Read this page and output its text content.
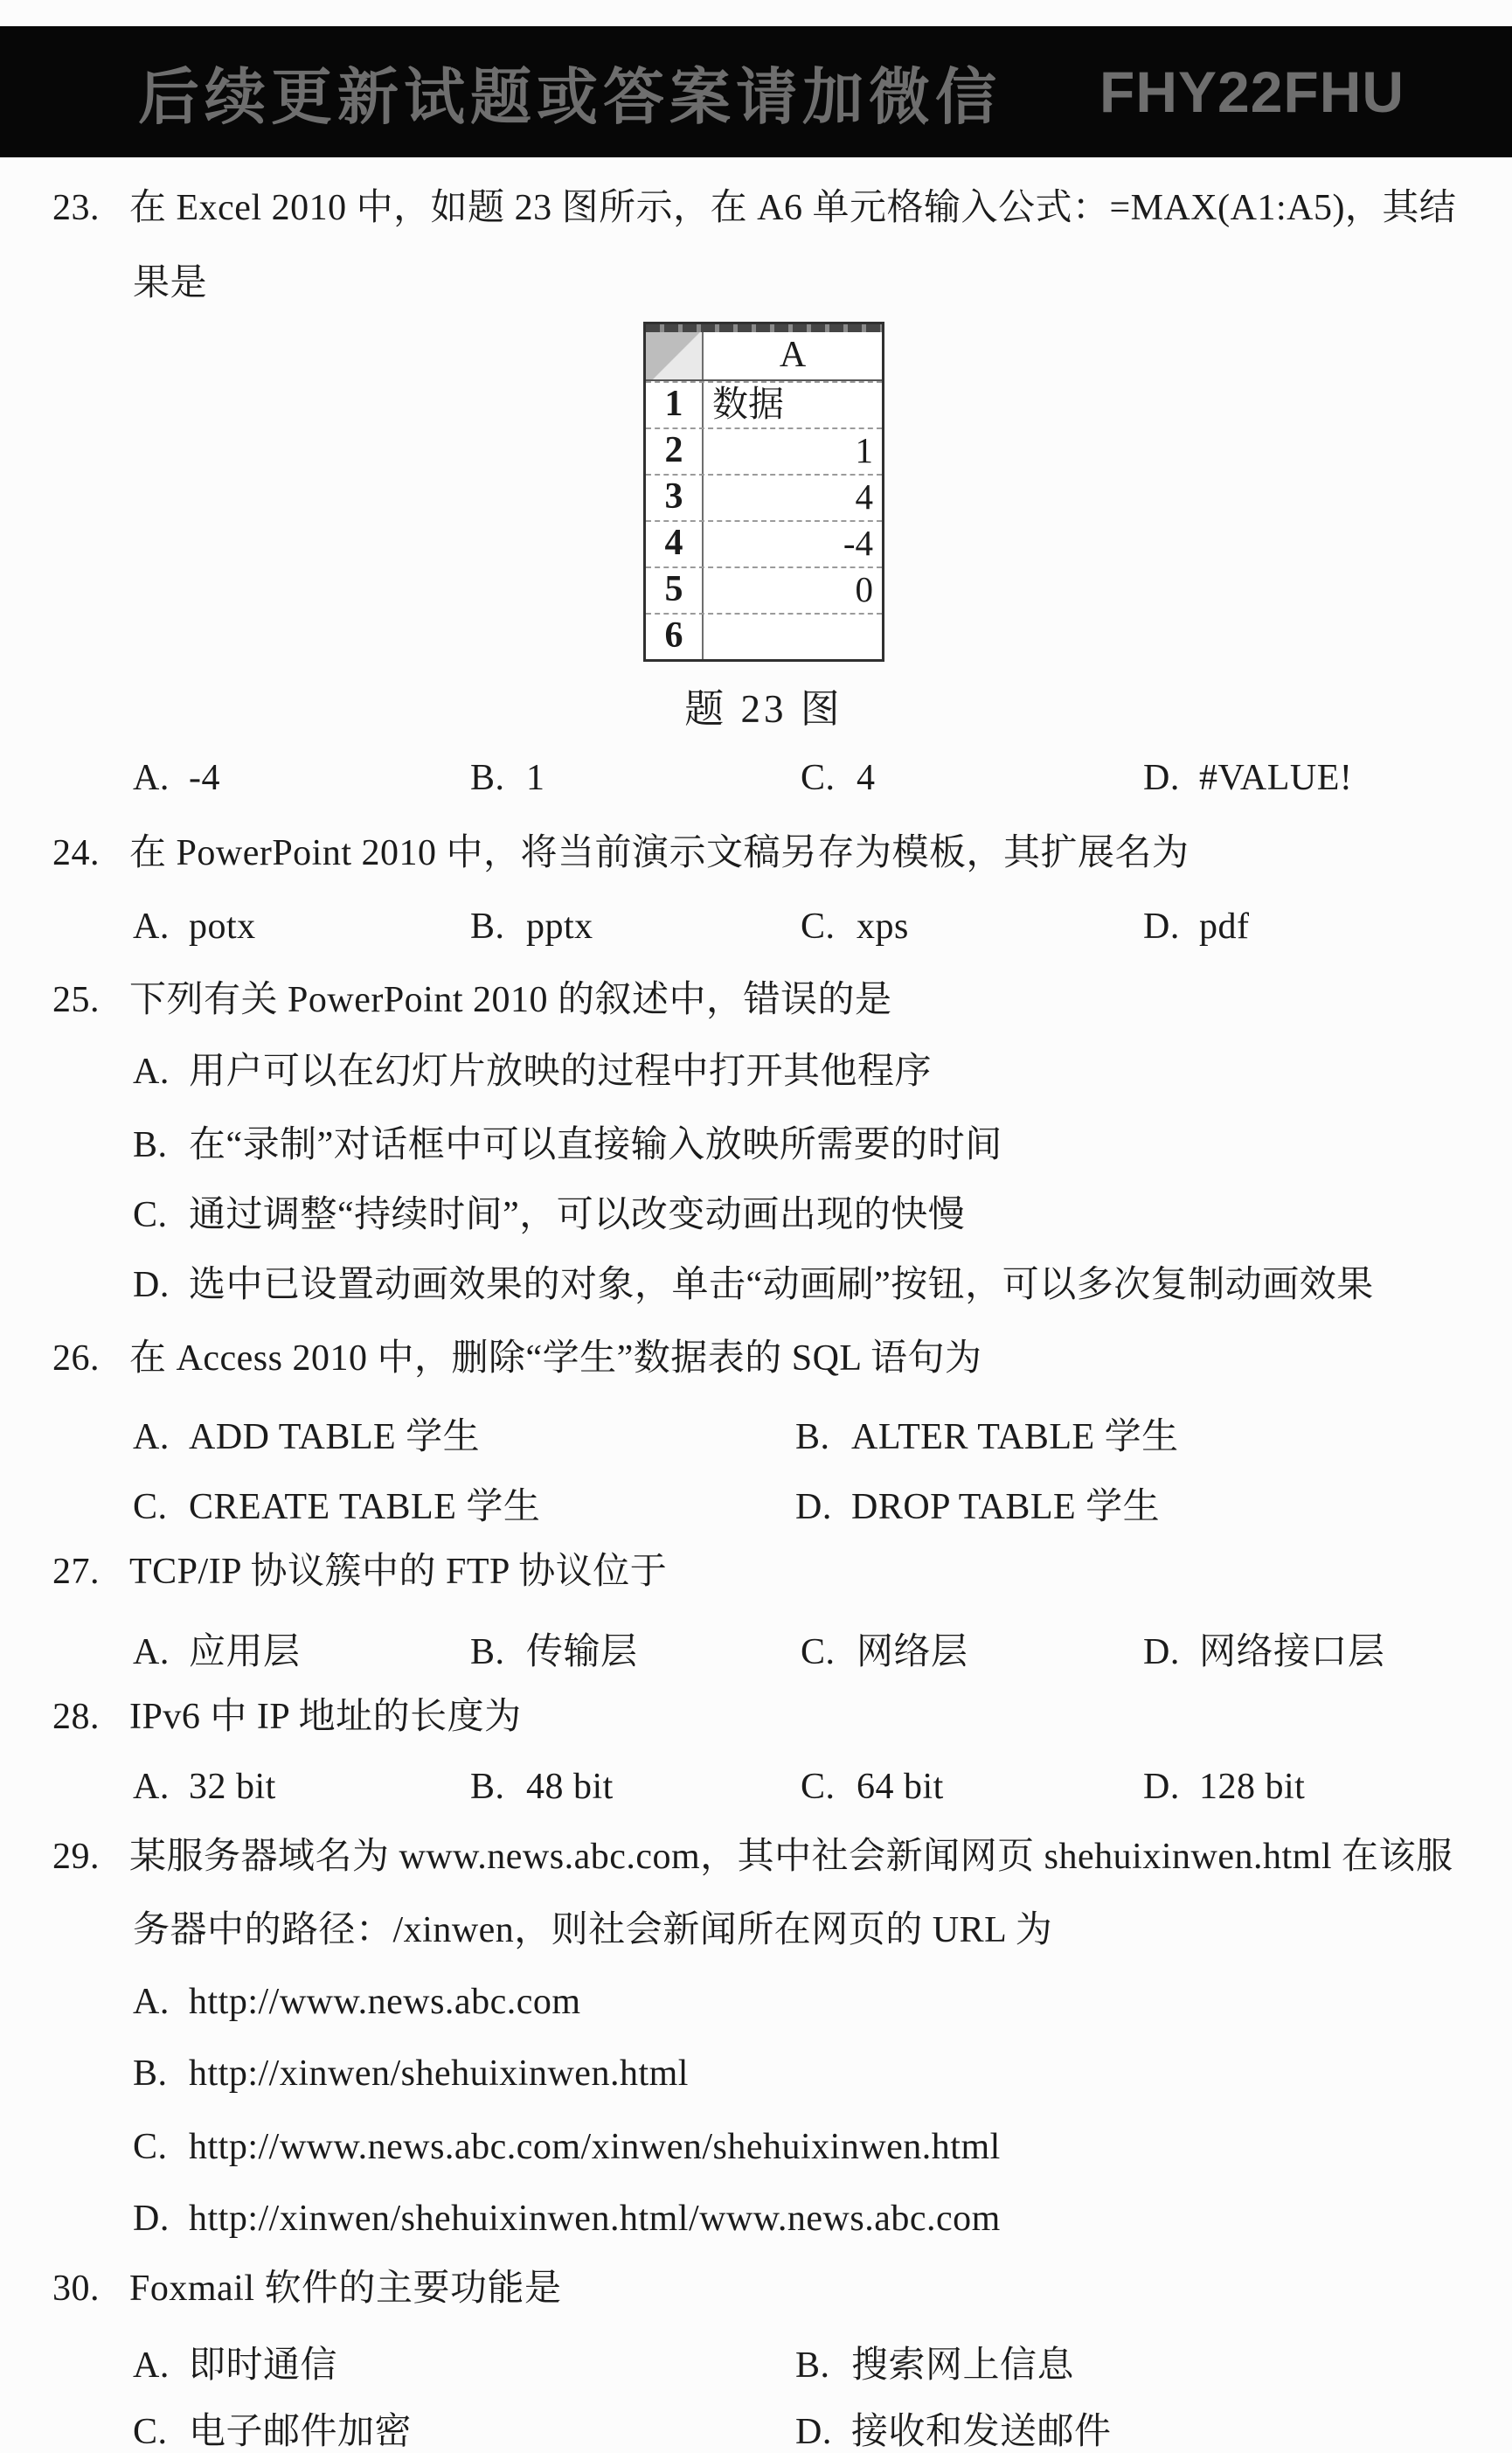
后续更新试题或答案请加微信 FHY22FHU
23. 在 Excel 2010 中，如题 23 图所示，在 A6 单元格输入公式：=MAX(A1:A5)，其结
果是
A
1 数据
2	1
3	4
4	-4
5	0
6
题 23 图
A. -4	B. 1	C. 4	D. #VALUE!
24. 在 PowerPoint 2010 中，将当前演示文稿另存为模板，其扩展名为
A. potx	B. pptx	C. xps	D. pdf
25. 下列有关 PowerPoint 2010 的叙述中，错误的是
A. 用户可以在幻灯片放映的过程中打开其他程序
B. 在“录制”对话框中可以直接输入放映所需要的时间
C. 通过调整“持续时间”，可以改变动画出现的快慢
D. 选中已设置动画效果的对象，单击“动画刷”按钮，可以多次复制动画效果
26. 在 Access 2010 中，删除“学生”数据表的 SQL 语句为
A. ADD TABLE 学生	B. ALTER TABLE 学生
C. CREATE TABLE 学生	D. DROP TABLE 学生
27. TCP/IP 协议簇中的 FTP 协议位于
A. 应用层	B. 传输层	C. 网络层	D. 网络接口层
28. IPv6 中 IP 地址的长度为
A. 32 bit	B. 48 bit	C. 64 bit	D. 128 bit
29. 某服务器域名为 www.news.abc.com，其中社会新闻网页 shehuixinwen.html 在该服
务器中的路径：/xinwen，则社会新闻所在网页的 URL 为
A. http://www.news.abc.com
B. http://xinwen/shehuixinwen.html
C. http://www.news.abc.com/xinwen/shehuixinwen.html
D. http://xinwen/shehuixinwen.html/www.news.abc.com
30. Foxmail 软件的主要功能是
A. 即时通信	B. 搜索网上信息
C. 电子邮件加密	D. 接收和发送邮件
